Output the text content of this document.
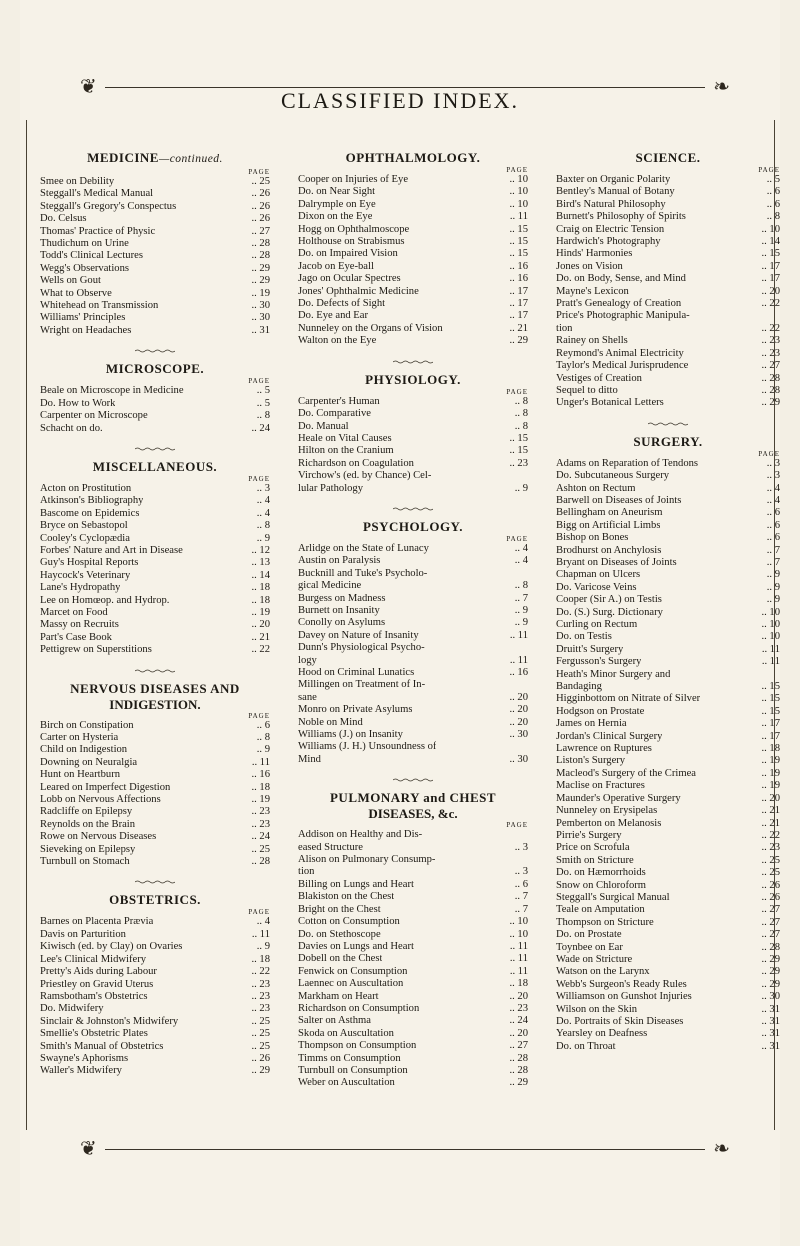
❦	❧
❦	❧
CLASSIFIED INDEX.
MEDICINE—continued.
PAGE
Smee on Debility	.. 25
Steggall's Medical Manual	.. 26
Steggall's Gregory's Conspectus	.. 26
Do. Celsus	.. 26
Thomas' Practice of Physic	.. 27
Thudichum on Urine	.. 28
Todd's Clinical Lectures	.. 28
Wegg's Observations	.. 29
Wells on Gout	.. 29
What to Observe	.. 19
Whitehead on Transmission	.. 30
Williams' Principles	.. 30
Wright on Headaches	.. 31
MICROSCOPE.
PAGE
Beale on Microscope in Medicine	.. 5
Do. How to Work	.. 5
Carpenter on Microscope	.. 8
Schacht on do.	.. 24
MISCELLANEOUS.
PAGE
Acton on Prostitution	.. 3
Atkinson's Bibliography	.. 4
Bascome on Epidemics	.. 4
Bryce on Sebastopol	.. 8
Cooley's Cyclopædia	.. 9
Forbes' Nature and Art in Disease	.. 12
Guy's Hospital Reports	.. 13
Haycock's Veterinary	.. 14
Lane's Hydropathy	.. 18
Lee on Homœop. and Hydrop.	.. 18
Marcet on Food	.. 19
Massy on Recruits	.. 20
Part's Case Book	.. 21
Pettigrew on Superstitions	.. 22
NERVOUS DISEASES AND
INDIGESTION.
PAGE
Birch on Constipation	.. 6
Carter on Hysteria	.. 8
Child on Indigestion	.. 9
Downing on Neuralgia	.. 11
Hunt on Heartburn	.. 16
Leared on Imperfect Digestion	.. 18
Lobb on Nervous Affections	.. 19
Radcliffe on Epilepsy	.. 23
Reynolds on the Brain	.. 23
Rowe on Nervous Diseases	.. 24
Sieveking on Epilepsy	.. 25
Turnbull on Stomach	.. 28
OBSTETRICS.
PAGE
Barnes on Placenta Prævia	.. 4
Davis on Parturition	.. 11
Kiwisch (ed. by Clay) on Ovaries	.. 9
Lee's Clinical Midwifery	.. 18
Pretty's Aids during Labour	.. 22
Priestley on Gravid Uterus	.. 23
Ramsbotham's Obstetrics	.. 23
Do. Midwifery	.. 23
Sinclair & Johnston's Midwifery	.. 25
Smellie's Obstetric Plates	.. 25
Smith's Manual of Obstetrics	.. 25
Swayne's Aphorisms	.. 26
Waller's Midwifery	.. 29
OPHTHALMOLOGY.
PAGE
Cooper on Injuries of Eye	.. 10
Do. on Near Sight	.. 10
Dalrymple on Eye	.. 10
Dixon on the Eye	.. 11
Hogg on Ophthalmoscope	.. 15
Holthouse on Strabismus	.. 15
Do. on Impaired Vision	.. 15
Jacob on Eye-ball	.. 16
Jago on Ocular Spectres	.. 16
Jones' Ophthalmic Medicine	.. 17
Do. Defects of Sight	.. 17
Do. Eye and Ear	.. 17
Nunneley on the Organs of Vision	.. 21
Walton on the Eye	.. 29
PHYSIOLOGY.
PAGE
Carpenter's Human	.. 8
Do. Comparative	.. 8
Do. Manual	.. 8
Heale on Vital Causes	.. 15
Hilton on the Cranium	.. 15
Richardson on Coagulation	.. 23
Virchow's (ed. by Chance) Cel-
lular Pathology	.. 9
PSYCHOLOGY.
PAGE
Arlidge on the State of Lunacy	.. 4
Austin on Paralysis	.. 4
Bucknill and Tuke's Psycholo-
gical Medicine	.. 8
Burgess on Madness	.. 7
Burnett on Insanity	.. 9
Conolly on Asylums	.. 9
Davey on Nature of Insanity	.. 11
Dunn's Physiological Psycho-
logy	.. 11
Hood on Criminal Lunatics	.. 16
Millingen on Treatment of In-
sane	.. 20
Monro on Private Asylums	.. 20
Noble on Mind	.. 20
Williams (J.) on Insanity	.. 30
Williams (J. H.) Unsoundness of
Mind	.. 30
PULMONARY and CHEST
DISEASES, &c.
PAGE
Addison on Healthy and Dis-
eased Structure	.. 3
Alison on Pulmonary Consump-
tion	.. 3
Billing on Lungs and Heart	.. 6
Blakiston on the Chest	.. 7
Bright on the Chest	.. 7
Cotton on Consumption	.. 10
Do. on Stethoscope	.. 10
Davies on Lungs and Heart	.. 11
Dobell on the Chest	.. 11
Fenwick on Consumption	.. 11
Laennec on Auscultation	.. 18
Markham on Heart	.. 20
Richardson on Consumption	.. 23
Salter on Asthma	.. 24
Skoda on Auscultation	.. 20
Thompson on Consumption	.. 27
Timms on Consumption	.. 28
Turnbull on Consumption	.. 28
Weber on Auscultation	.. 29
SCIENCE.
PAGE
Baxter on Organic Polarity	.. 5
Bentley's Manual of Botany	.. 6
Bird's Natural Philosophy	.. 6
Burnett's Philosophy of Spirits	.. 8
Craig on Electric Tension	.. 10
Hardwich's Photography	.. 14
Hinds' Harmonies	.. 15
Jones on Vision	.. 17
Do. on Body, Sense, and Mind	.. 17
Mayne's Lexicon	.. 20
Pratt's Genealogy of Creation	.. 22
Price's Photographic Manipula-
tion	.. 22
Rainey on Shells	.. 23
Reymond's Animal Electricity	.. 23
Taylor's Medical Jurisprudence	.. 27
Vestiges of Creation	.. 28
Sequel to ditto	.. 28
Unger's Botanical Letters	.. 29
SURGERY.
PAGE
Adams on Reparation of Tendons	.. 3
Do. Subcutaneous Surgery	.. 3
Ashton on Rectum	.. 4
Barwell on Diseases of Joints	.. 4
Bellingham on Aneurism	.. 6
Bigg on Artificial Limbs	.. 6
Bishop on Bones	.. 6
Brodhurst on Anchylosis	.. 7
Bryant on Diseases of Joints	.. 7
Chapman on Ulcers	.. 9
Do. Varicose Veins	.. 9
Cooper (Sir A.) on Testis	.. 9
Do. (S.) Surg. Dictionary	.. 10
Curling on Rectum	.. 10
Do. on Testis	.. 10
Druitt's Surgery	.. 11
Fergusson's Surgery	.. 11
Heath's Minor Surgery and
Bandaging	.. 15
Higginbottom on Nitrate of Silver	.. 15
Hodgson on Prostate	.. 15
James on Hernia	.. 17
Jordan's Clinical Surgery	.. 17
Lawrence on Ruptures	.. 18
Liston's Surgery	.. 19
Macleod's Surgery of the Crimea	.. 19
Maclise on Fractures	.. 19
Maunder's Operative Surgery	.. 20
Nunneley on Erysipelas	.. 21
Pemberton on Melanosis	.. 21
Pirrie's Surgery	.. 22
Price on Scrofula	.. 23
Smith on Stricture	.. 25
Do. on Hæmorrhoids	.. 25
Snow on Chloroform	.. 26
Steggall's Surgical Manual	.. 26
Teale on Amputation	.. 27
Thompson on Stricture	.. 27
Do. on Prostate	.. 27
Toynbee on Ear	.. 28
Wade on Stricture	.. 29
Watson on the Larynx	.. 29
Webb's Surgeon's Ready Rules	.. 29
Williamson on Gunshot Injuries	.. 30
Wilson on the Skin	.. 31
Do. Portraits of Skin Diseases	.. 31
Yearsley on Deafness	.. 31
Do. on Throat	.. 31
